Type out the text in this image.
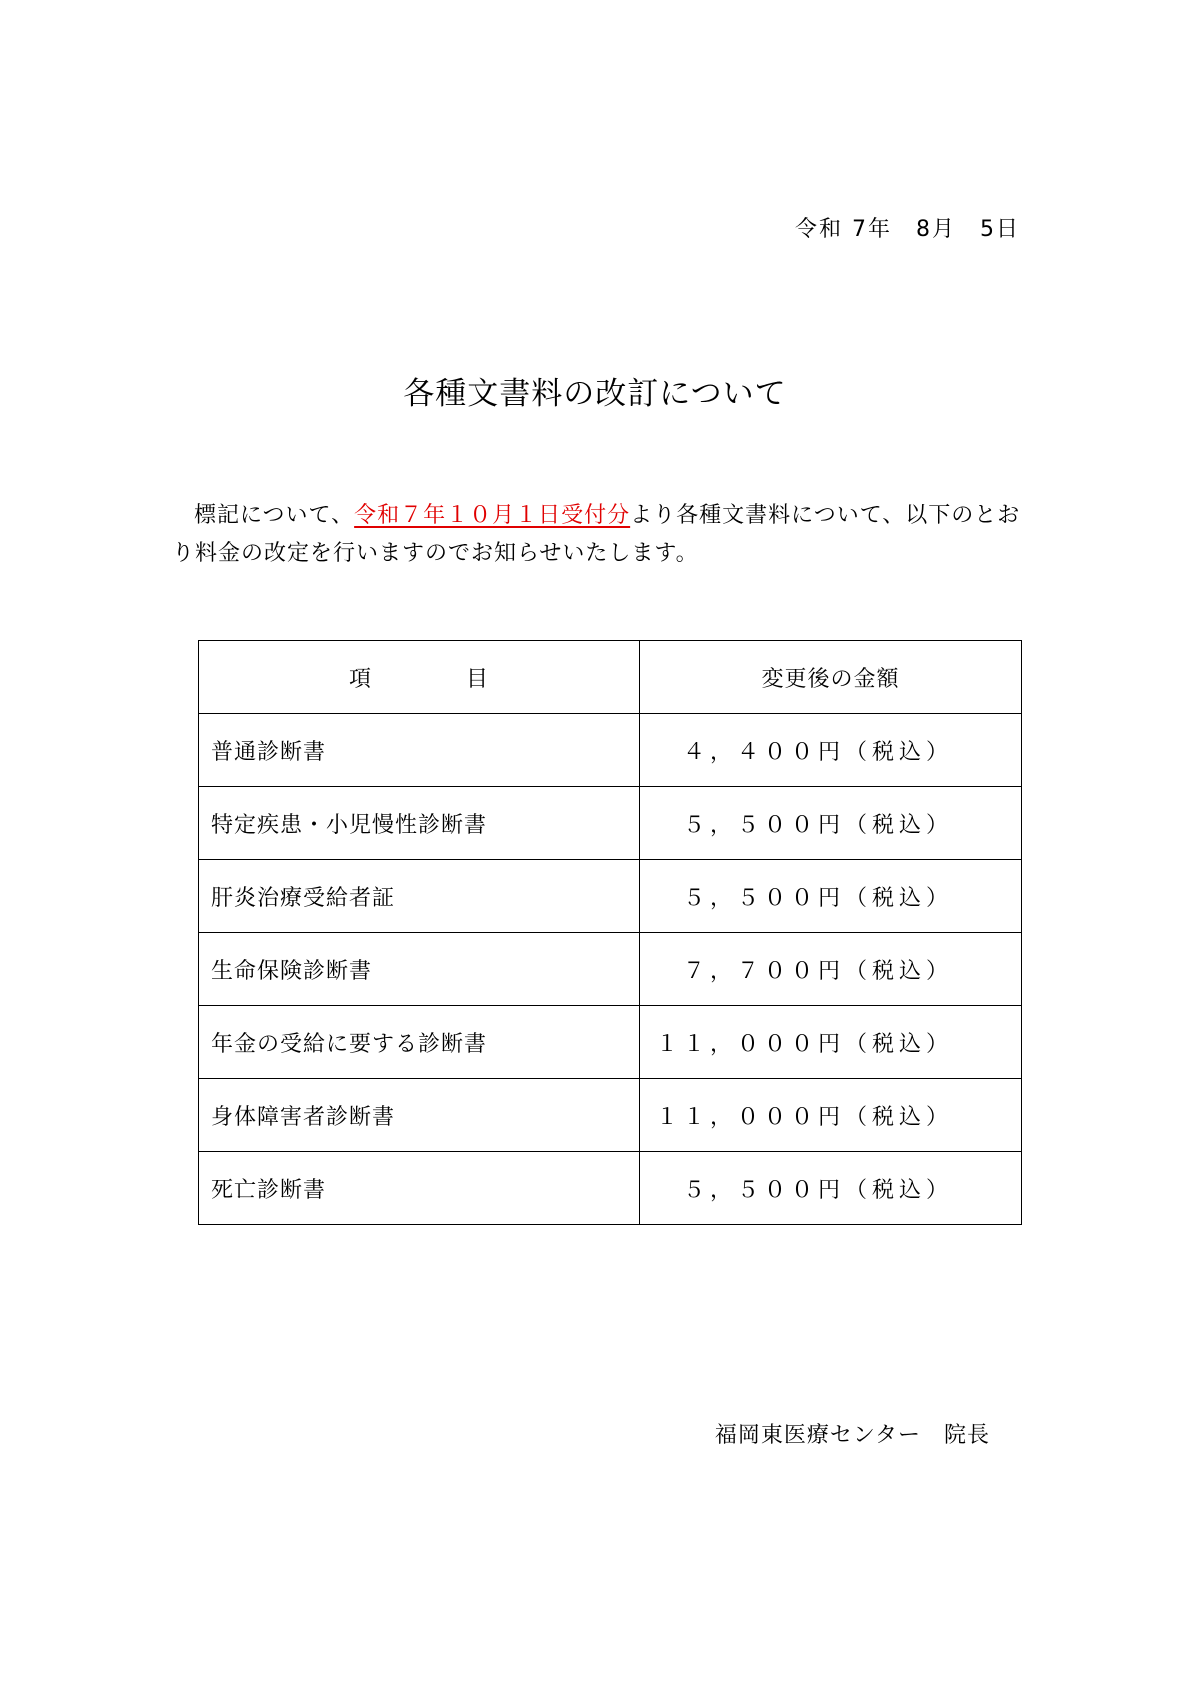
令和 7年　8月　5日
各種文書料の改訂について
標記について、令和７年１０月１日受付分より各種文書料について、以下のとおり料金の改定を行いますのでお知らせいたします。
項目	変更後の金額
普通診断書	　４，４００円（税込）
特定疾患・小児慢性診断書	　５，５００円（税込）
肝炎治療受給者証	　５，５００円（税込）
生命保険診断書	　７，７００円（税込）
年金の受給に要する診断書	１１，０００円（税込）
身体障害者診断書	１１，０００円（税込）
死亡診断書	　５，５００円（税込）
福岡東医療センター　院長
